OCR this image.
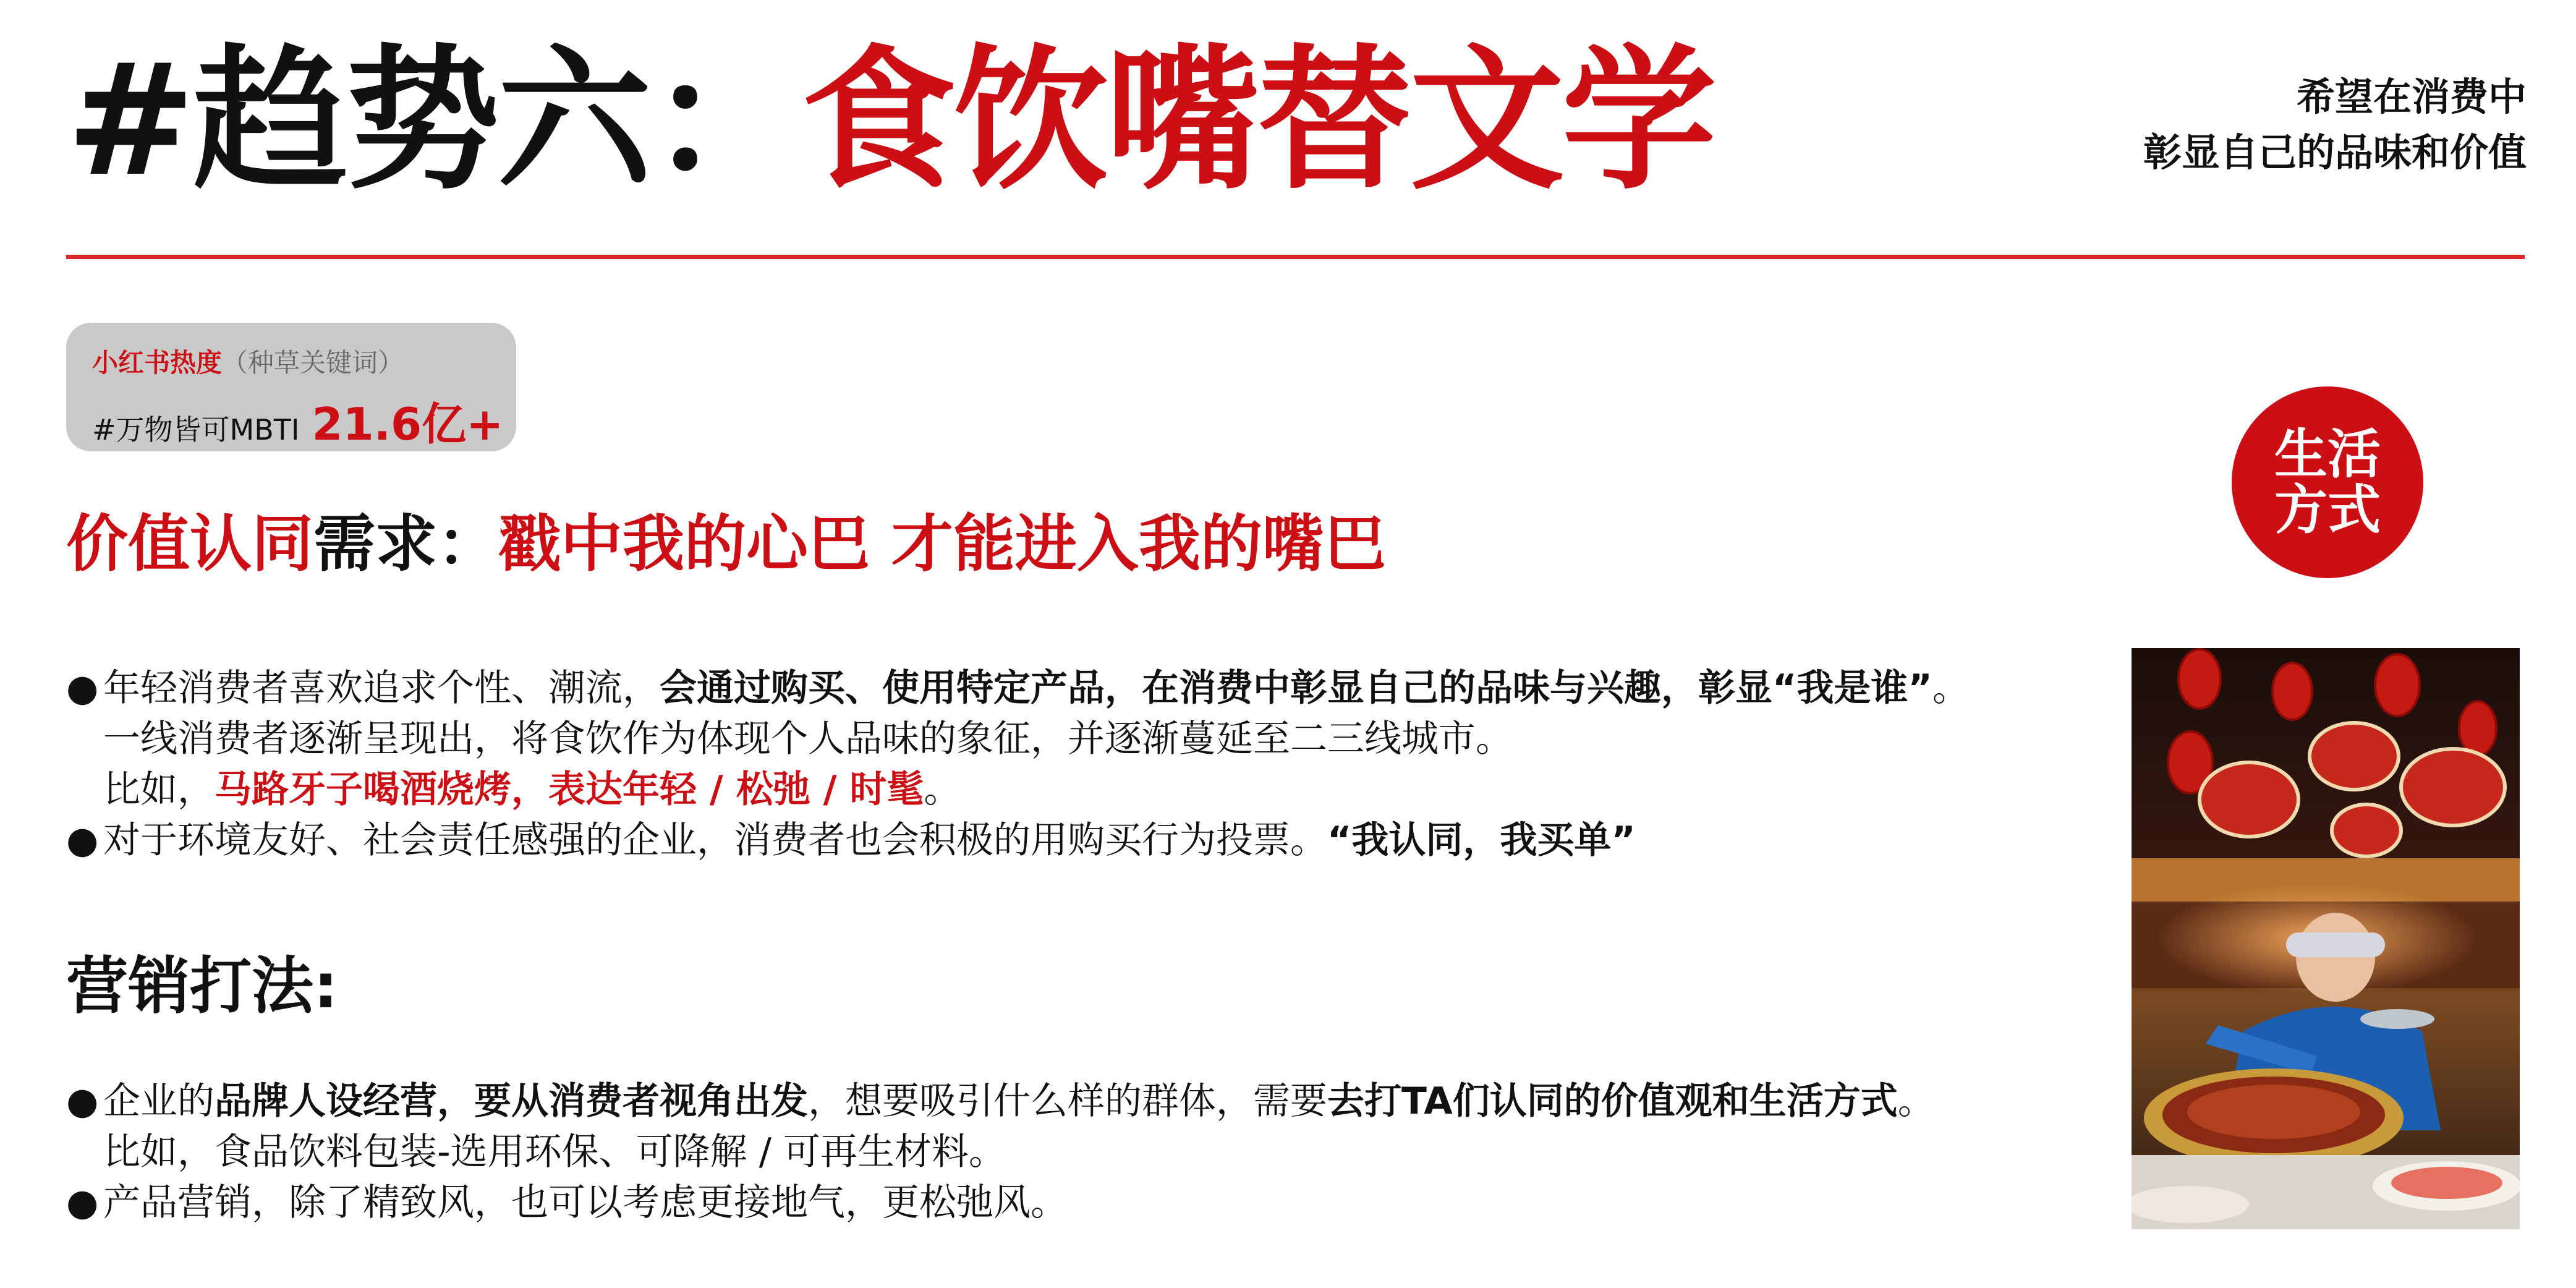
#趋势六：食饮嘴替文学	希望在消费中
彰显自己的品味和价值
小红书热度（种草关键词）
#万物皆可MBTI 21.6亿+
价值认同需求：戳中我的心巴 才能进入我的嘴巴
● 年轻消费者喜欢追求个性、潮流，会通过购买、使用特定产品，在消费中彰显自己的品味与兴趣，彰显“我是谁”。
一线消费者逐渐呈现出，将食饮作为体现个人品味的象征，并逐渐蔓延至二三线城市。
比如，马路牙子喝酒烧烤，表达年轻 / 松弛 / 时髦。
● 对于环境友好、社会责任感强的企业，消费者也会积极的用购买行为投票。“我认同，我买单”
营销打法:
● 企业的品牌人设经营，要从消费者视角出发，想要吸引什么样的群体，需要去打TA们认同的价值观和生活方式。
比如，食品饮料包装-选用环保、可降解 / 可再生材料。
● 产品营销，除了精致风，也可以考虑更接地气，更松弛风。
生活
方式
